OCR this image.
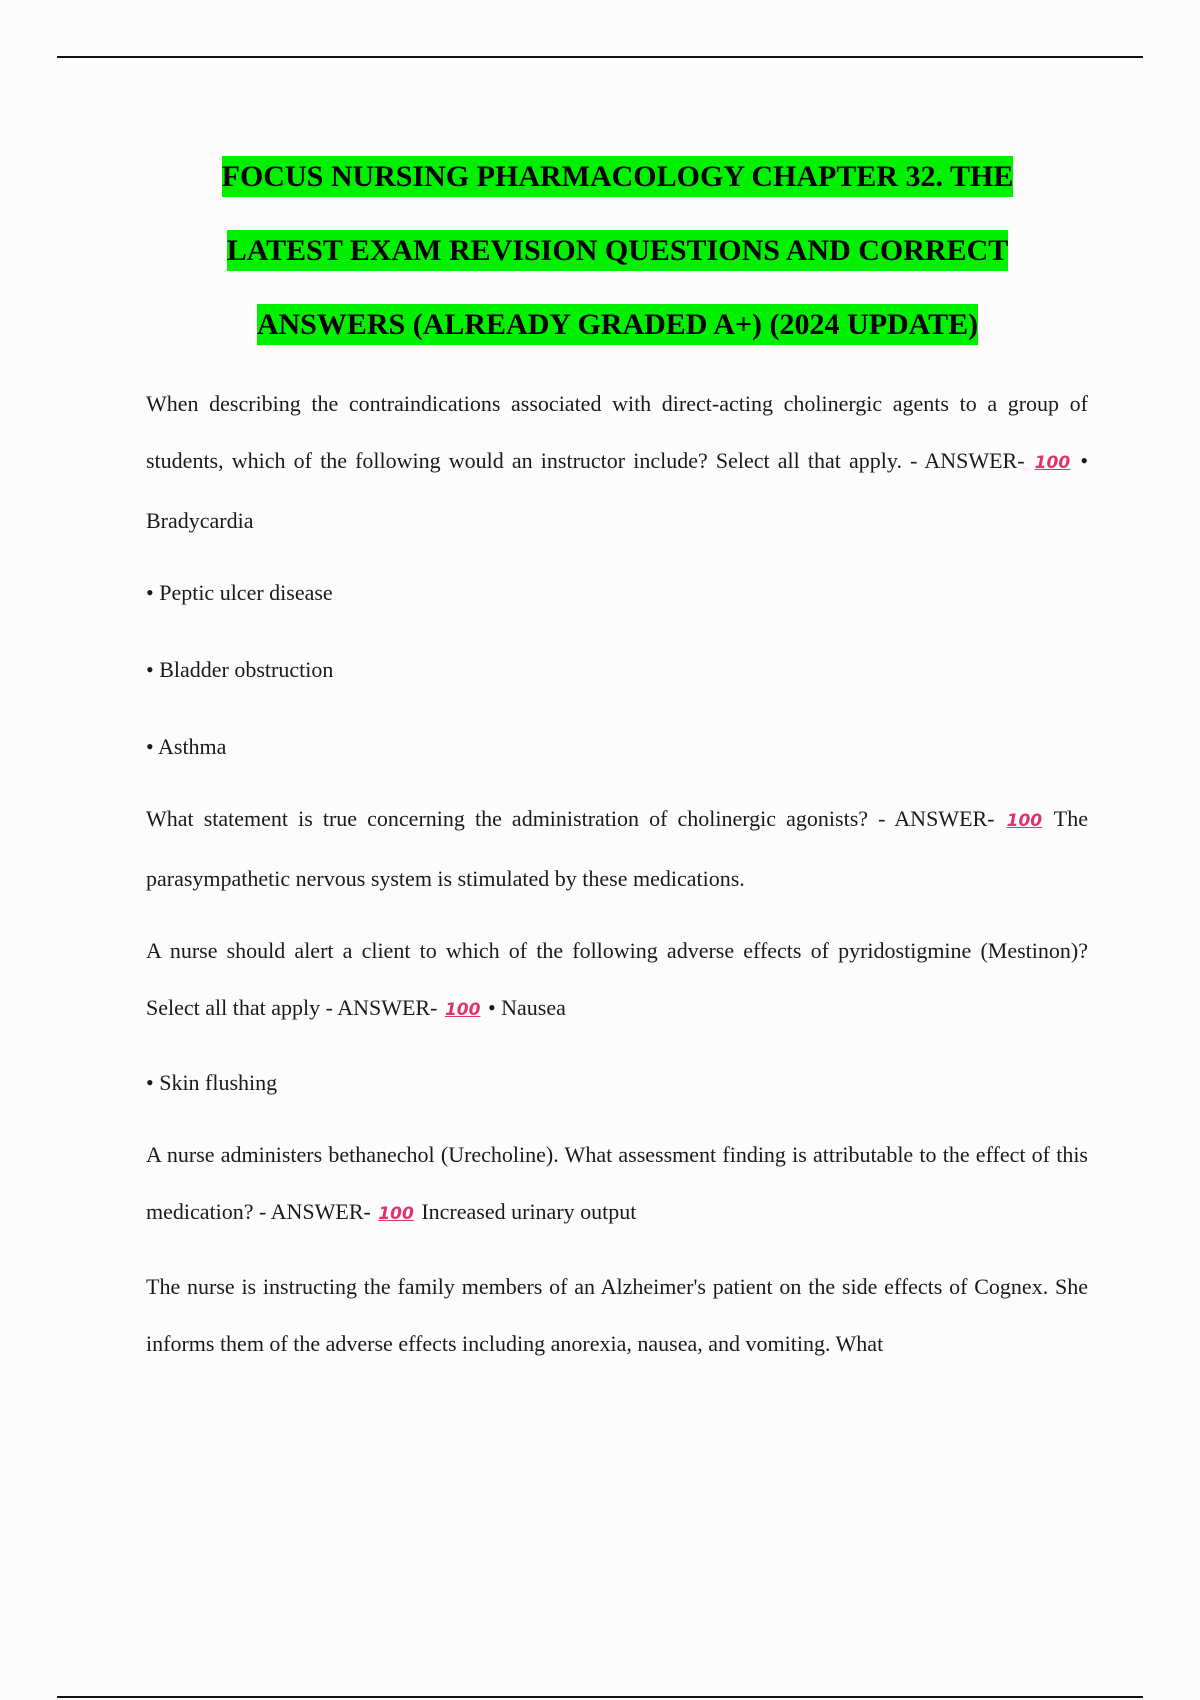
FOCUS NURSING PHARMACOLOGY CHAPTER 32. THE
LATEST EXAM REVISION QUESTIONS AND CORRECT
ANSWERS (ALREADY GRADED A+) (2024 UPDATE)

When describing the contraindications associated with direct-acting cholinergic agents to a group of students, which of the following would an instructor include? Select all that apply. - ANSWER- 100 • Bradycardia

• Peptic ulcer disease

• Bladder obstruction

• Asthma

What statement is true concerning the administration of cholinergic agonists? - ANSWER- 100 The parasympathetic nervous system is stimulated by these medications.

A nurse should alert a client to which of the following adverse effects of pyridostigmine (Mestinon)? Select all that apply - ANSWER- 100 • Nausea

• Skin flushing

A nurse administers bethanechol (Urecholine). What assessment finding is attributable to the effect of this medication? - ANSWER- 100 Increased urinary output

The nurse is instructing the family members of an Alzheimer's patient on the side effects of Cognex. She informs them of the adverse effects including anorexia, nausea, and vomiting. What
